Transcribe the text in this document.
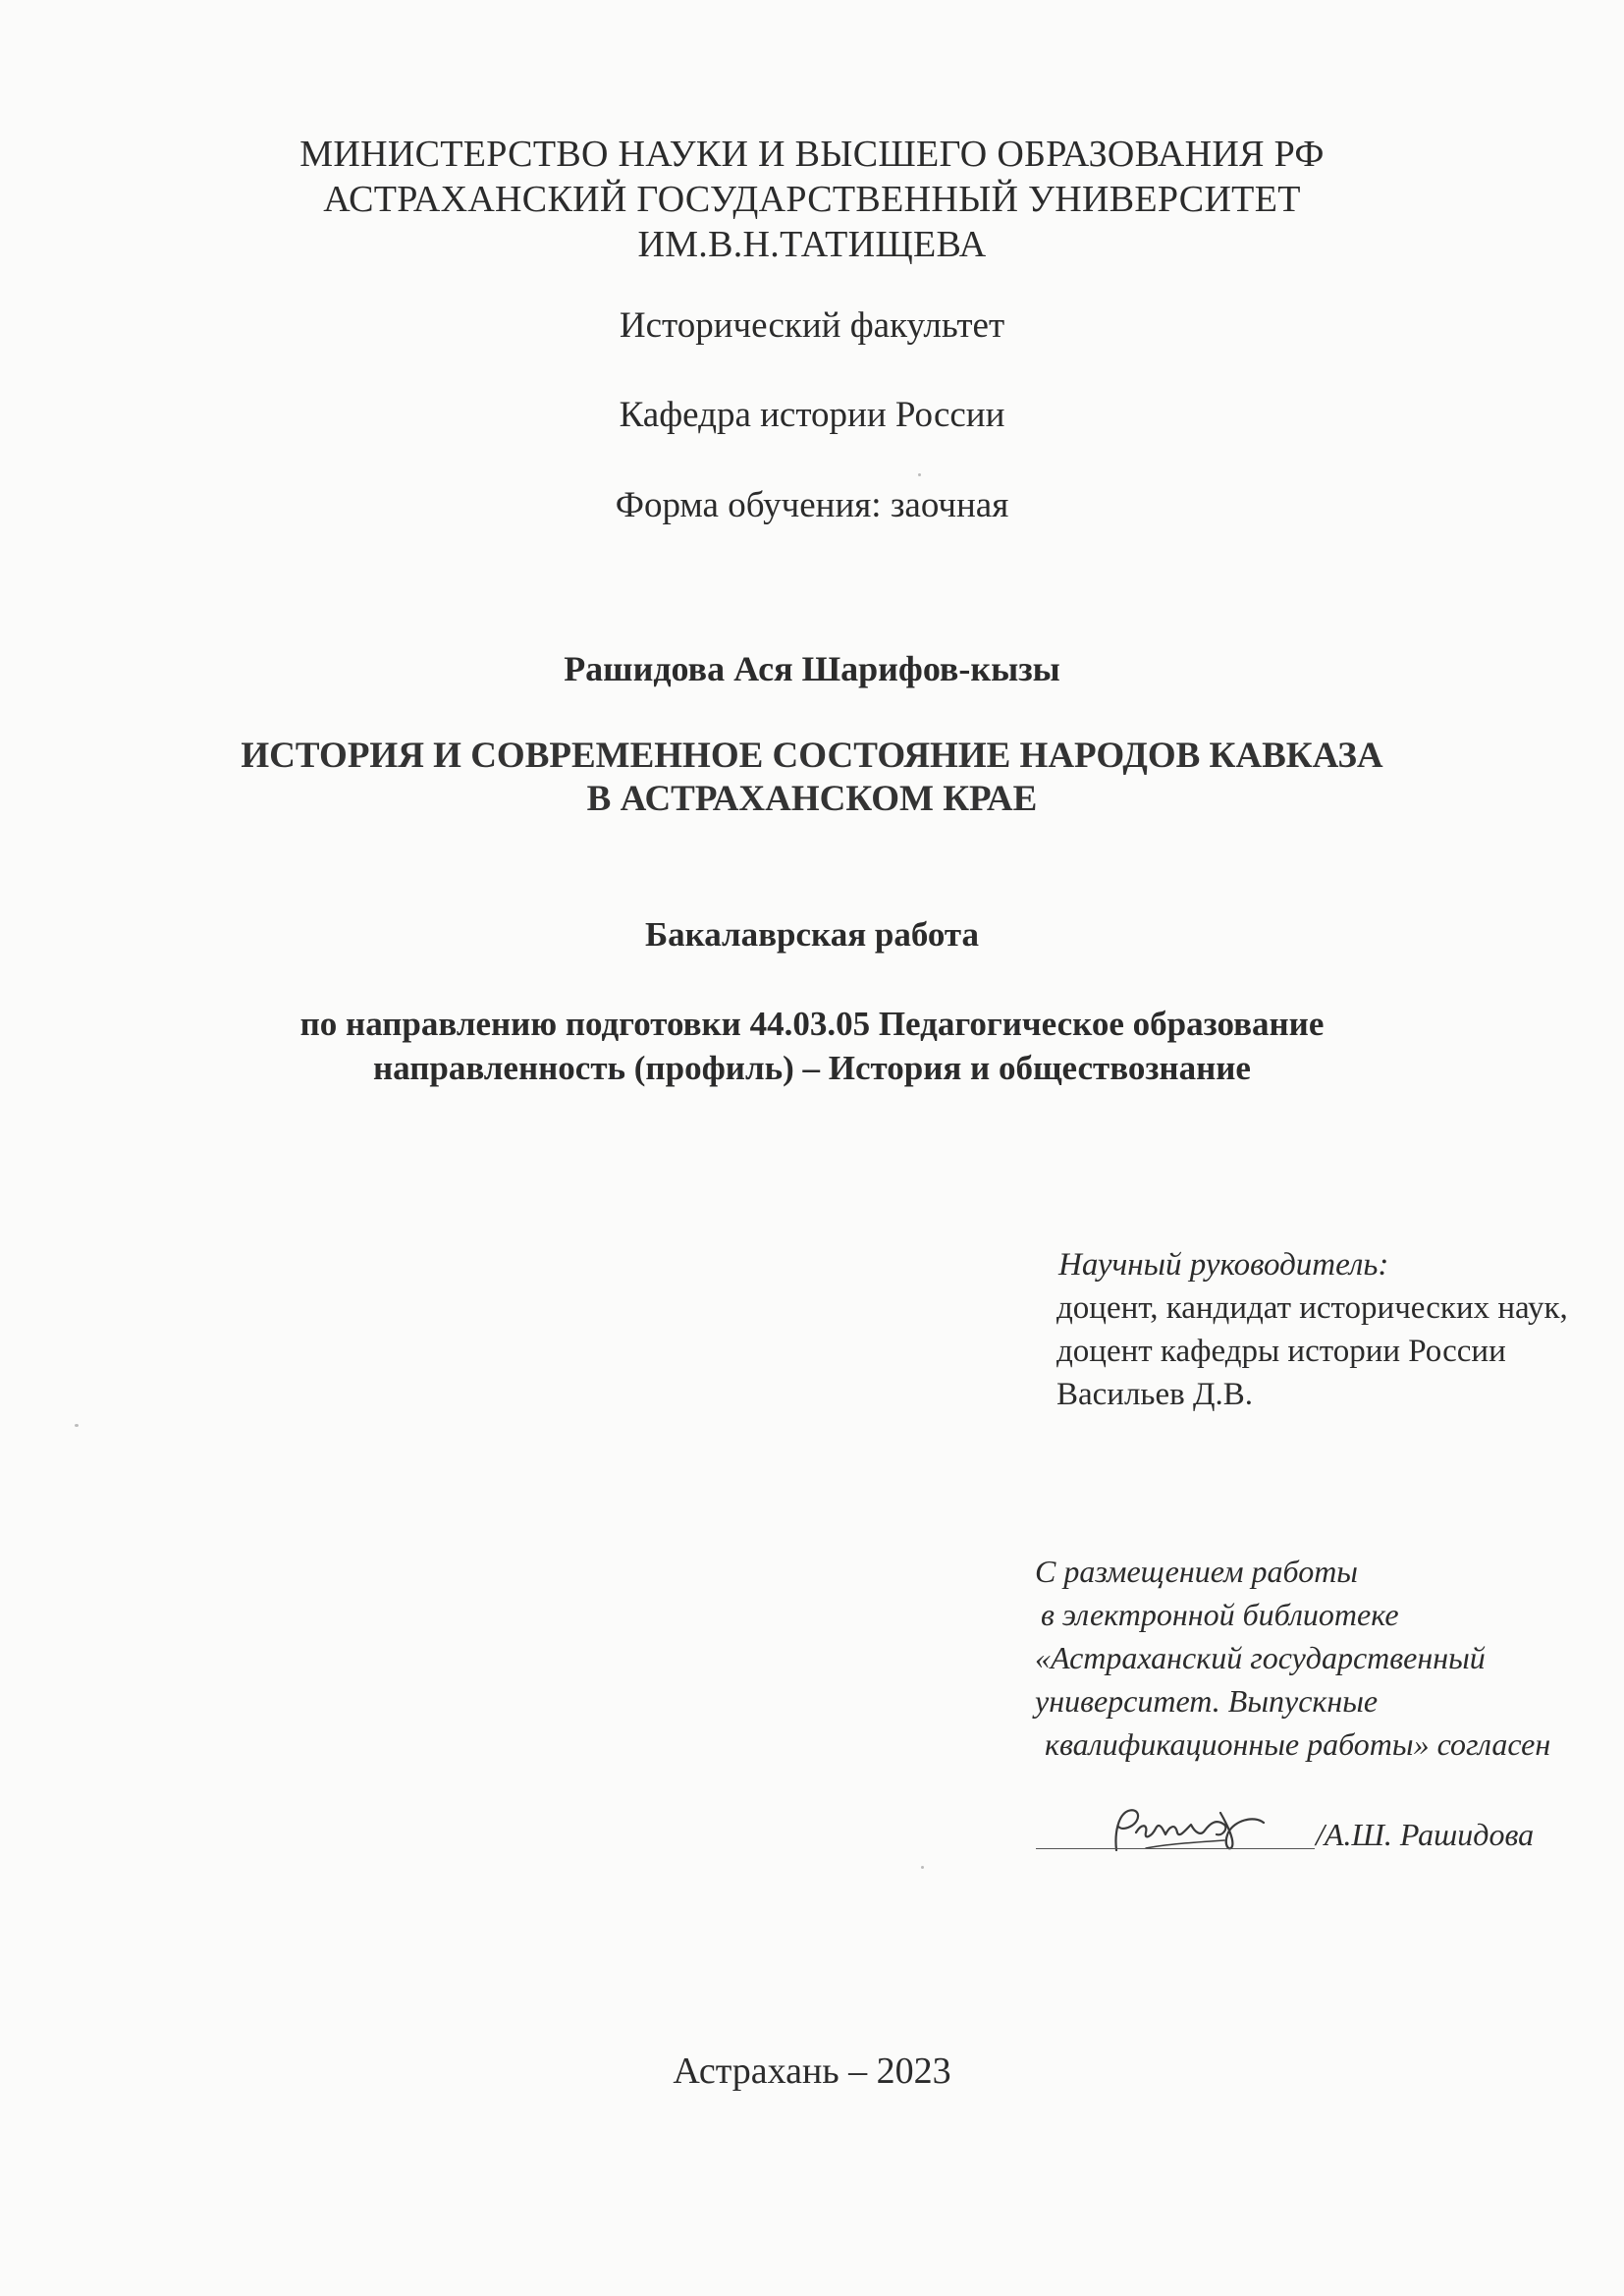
МИНИСТЕРСТВО НАУКИ И ВЫСШЕГО ОБРАЗОВАНИЯ РФ
АСТРАХАНСКИЙ ГОСУДАРСТВЕННЫЙ УНИВЕРСИТЕТ
ИМ.В.Н.ТАТИЩЕВА
Исторический факультет
Кафедра истории России
Форма обучения: заочная
Рашидова Ася Шарифов-кызы
ИСТОРИЯ И СОВРЕМЕННОЕ СОСТОЯНИЕ НАРОДОВ КАВКАЗА
В АСТРАХАНСКОМ КРАЕ
Бакалаврская работа
по направлению подготовки 44.03.05 Педагогическое образование
направленность (профиль) – История и обществознание
Научный руководитель:
доцент, кандидат исторических наук,
доцент кафедры истории России
Васильев Д.В.
С размещением работы
в электронной библиотеке
«Астраханский государственный
университет. Выпускные
квалификационные работы» согласен
/А.Ш. Рашидова
Астрахань – 2023
